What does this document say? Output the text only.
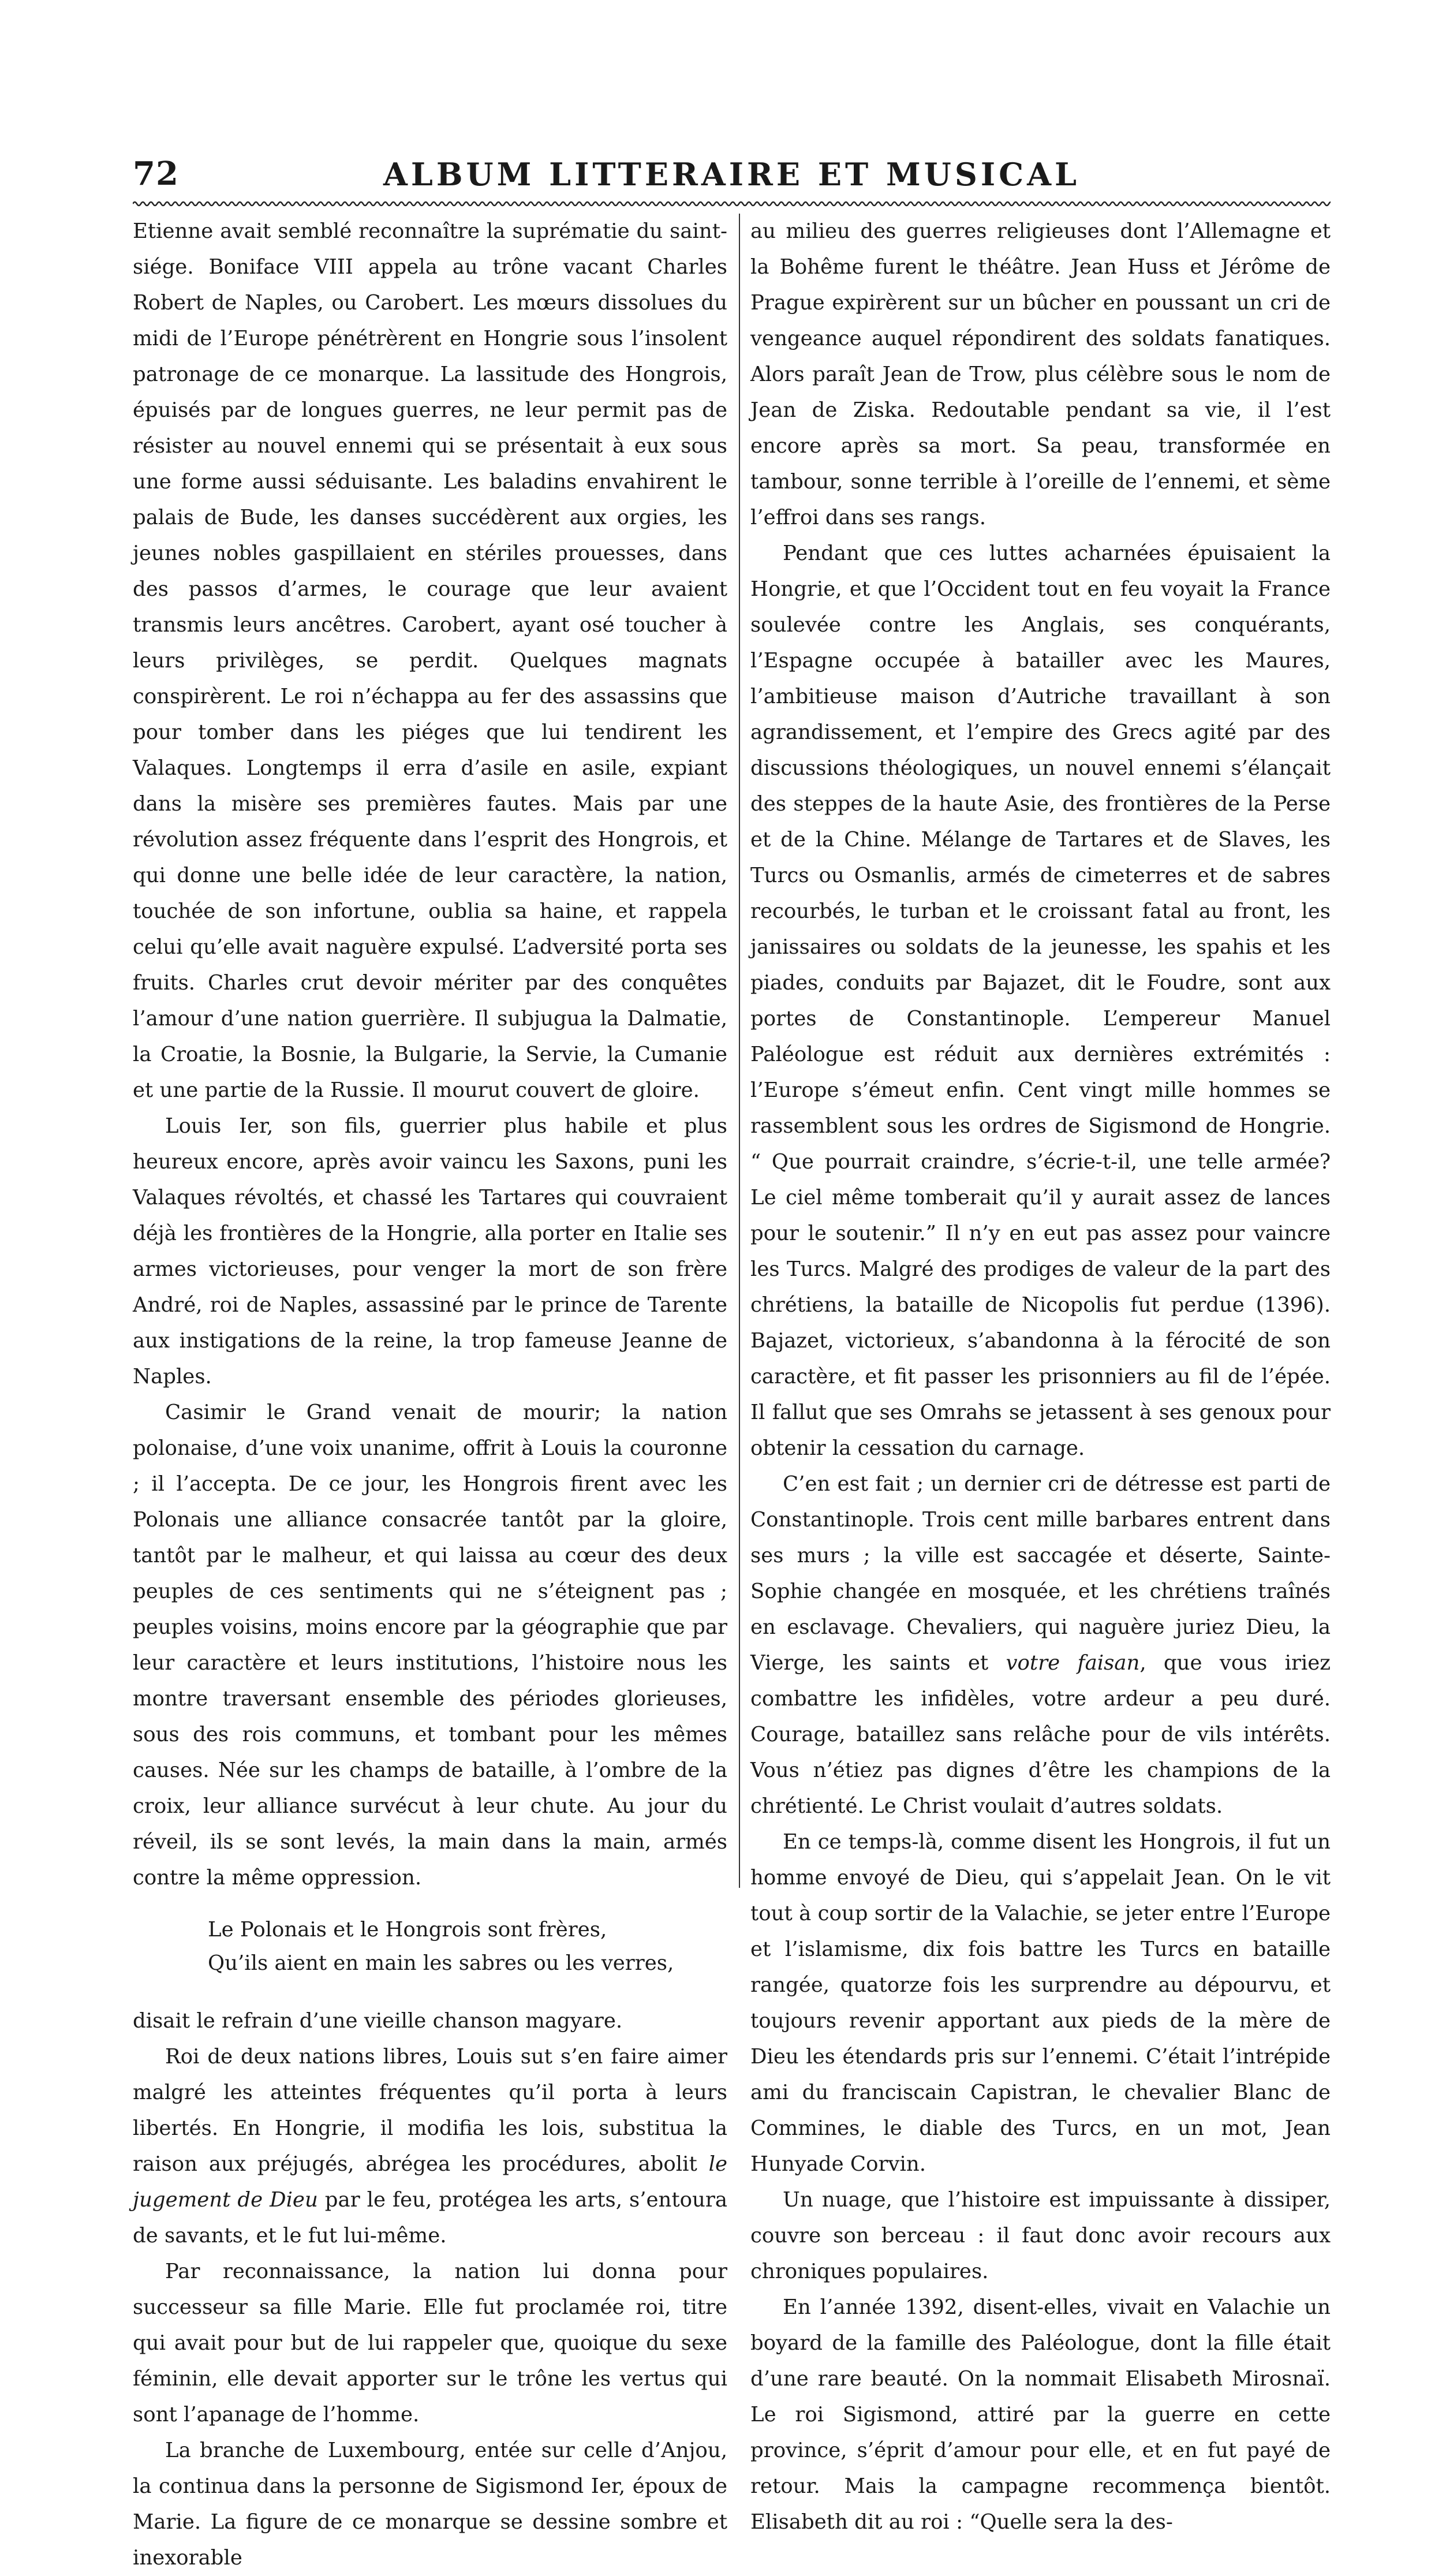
72	ALBUM LITTERAIRE ET MUSICAL

Etienne avait semblé reconnaître la suprématie du saint-siége. Boniface VIII appela au trône vacant Charles Robert de Naples, ou Carobert. Les mœurs dissolues du midi de l’Europe pénétrèrent en Hongrie sous l’insolent patronage de ce monarque. La lassitude des Hongrois, épuisés par de longues guerres, ne leur permit pas de résister au nouvel ennemi qui se présentait à eux sous une forme aussi séduisante. Les baladins envahirent le palais de Bude, les danses succédèrent aux orgies, les jeunes nobles gaspillaient en stériles prouesses, dans des passos d’armes, le courage que leur avaient transmis leurs ancêtres. Carobert, ayant osé toucher à leurs privilèges, se perdit. Quelques magnats conspirèrent. Le roi n’échappa au fer des assassins que pour tomber dans les piéges que lui tendirent les Valaques. Longtemps il erra d’asile en asile, expiant dans la misère ses premières fautes. Mais par une révolution assez fréquente dans l’esprit des Hongrois, et qui donne une belle idée de leur caractère, la nation, touchée de son infortune, oublia sa haine, et rappela celui qu’elle avait naguère expulsé. L’adversité porta ses fruits. Charles crut devoir mériter par des conquêtes l’amour d’une nation guerrière. Il subjugua la Dalmatie, la Croatie, la Bosnie, la Bulgarie, la Servie, la Cumanie et une partie de la Russie. Il mourut couvert de gloire.

Louis Ier, son fils, guerrier plus habile et plus heureux encore, après avoir vaincu les Saxons, puni les Valaques révoltés, et chassé les Tartares qui couvraient déjà les frontières de la Hongrie, alla porter en Italie ses armes victorieuses, pour venger la mort de son frère André, roi de Naples, assassiné par le prince de Tarente aux instigations de la reine, la trop fameuse Jeanne de Naples.

Casimir le Grand venait de mourir; la nation polonaise, d’une voix unanime, offrit à Louis la couronne ; il l’accepta. De ce jour, les Hongrois firent avec les Polonais une alliance consacrée tantôt par la gloire, tantôt par le malheur, et qui laissa au cœur des deux peuples de ces sentiments qui ne s’éteignent pas ; peuples voisins, moins encore par la géographie que par leur caractère et leurs institutions, l’histoire nous les montre traversant ensemble des périodes glorieuses, sous des rois communs, et tombant pour les mêmes causes. Née sur les champs de bataille, à l’ombre de la croix, leur alliance survécut à leur chute. Au jour du réveil, ils se sont levés, la main dans la main, armés contre la même oppression.

Le Polonais et le Hongrois sont frères,
Qu’ils aient en main les sabres ou les verres,

disait le refrain d’une vieille chanson magyare.

Roi de deux nations libres, Louis sut s’en faire aimer malgré les atteintes fréquentes qu’il porta à leurs libertés. En Hongrie, il modifia les lois, substitua la raison aux préjugés, abrégea les procédures, abolit le jugement de Dieu par le feu, protégea les arts, s’entoura de savants, et le fut lui-même.

Par reconnaissance, la nation lui donna pour successeur sa fille Marie. Elle fut proclamée roi, titre qui avait pour but de lui rappeler que, quoique du sexe féminin, elle devait apporter sur le trône les vertus qui sont l’apanage de l’homme.

La branche de Luxembourg, entée sur celle d’Anjou, la continua dans la personne de Sigismond Ier, époux de Marie. La figure de ce monarque se dessine sombre et inexorable

au milieu des guerres religieuses dont l’Allemagne et la Bohême furent le théâtre. Jean Huss et Jérôme de Prague expirèrent sur un bûcher en poussant un cri de vengeance auquel répondirent des soldats fanatiques. Alors paraît Jean de Trow, plus célèbre sous le nom de Jean de Ziska. Redoutable pendant sa vie, il l’est encore après sa mort. Sa peau, transformée en tambour, sonne terrible à l’oreille de l’ennemi, et sème l’effroi dans ses rangs.

Pendant que ces luttes acharnées épuisaient la Hongrie, et que l’Occident tout en feu voyait la France soulevée contre les Anglais, ses conquérants, l’Espagne occupée à batailler avec les Maures, l’ambitieuse maison d’Autriche travaillant à son agrandissement, et l’empire des Grecs agité par des discussions théologiques, un nouvel ennemi s’élançait des steppes de la haute Asie, des frontières de la Perse et de la Chine. Mélange de Tartares et de Slaves, les Turcs ou Osmanlis, armés de cimeterres et de sabres recourbés, le turban et le croissant fatal au front, les janissaires ou soldats de la jeunesse, les spahis et les piades, conduits par Bajazet, dit le Foudre, sont aux portes de Constantinople. L’empereur Manuel Paléologue est réduit aux dernières extrémités : l’Europe s’émeut enfin. Cent vingt mille hommes se rassemblent sous les ordres de Sigismond de Hongrie. “ Que pourrait craindre, s’écrie-t-il, une telle armée? Le ciel même tomberait qu’il y aurait assez de lances pour le soutenir.” Il n’y en eut pas assez pour vaincre les Turcs. Malgré des prodiges de valeur de la part des chrétiens, la bataille de Nicopolis fut perdue (1396). Bajazet, victorieux, s’abandonna à la férocité de son caractère, et fit passer les prisonniers au fil de l’épée. Il fallut que ses Omrahs se jetassent à ses genoux pour obtenir la cessation du carnage.

C’en est fait ; un dernier cri de détresse est parti de Constantinople. Trois cent mille barbares entrent dans ses murs ; la ville est saccagée et déserte, Sainte-Sophie changée en mosquée, et les chrétiens traînés en esclavage. Chevaliers, qui naguère juriez Dieu, la Vierge, les saints et votre faisan, que vous iriez combattre les infidèles, votre ardeur a peu duré. Courage, bataillez sans relâche pour de vils intérêts. Vous n’étiez pas dignes d’être les champions de la chrétienté. Le Christ voulait d’autres soldats.

En ce temps-là, comme disent les Hongrois, il fut un homme envoyé de Dieu, qui s’appelait Jean. On le vit tout à coup sortir de la Valachie, se jeter entre l’Europe et l’islamisme, dix fois battre les Turcs en bataille rangée, quatorze fois les surprendre au dépourvu, et toujours revenir apportant aux pieds de la mère de Dieu les étendards pris sur l’ennemi. C’était l’intrépide ami du franciscain Capistran, le chevalier Blanc de Commines, le diable des Turcs, en un mot, Jean Hunyade Corvin.

Un nuage, que l’histoire est impuissante à dissiper, couvre son berceau : il faut donc avoir recours aux chroniques populaires.

En l’année 1392, disent-elles, vivait en Valachie un boyard de la famille des Paléologue, dont la fille était d’une rare beauté. On la nommait Elisabeth Mirosnaï. Le roi Sigismond, attiré par la guerre en cette province, s’éprit d’amour pour elle, et en fut payé de retour. Mais la campagne recommença bientôt. Elisabeth dit au roi : “Quelle sera la des-
